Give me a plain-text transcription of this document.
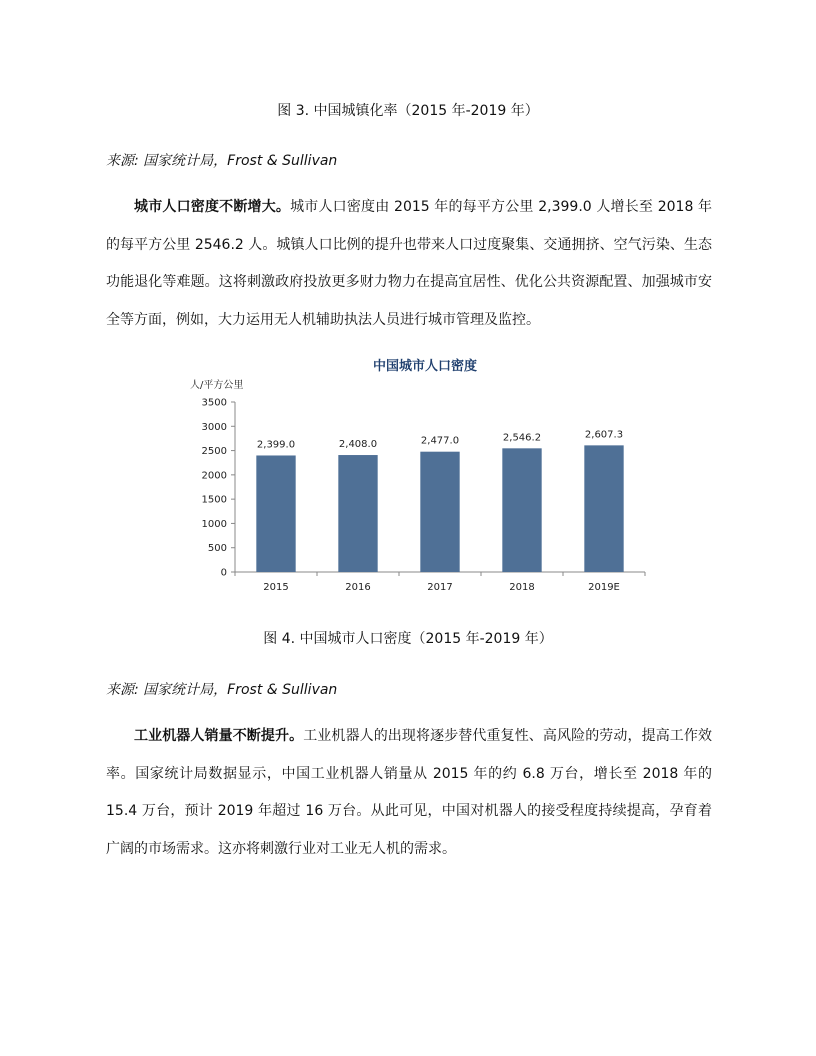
图 3. 中国城镇化率（2015 年-2019 年）
来源: 国家统计局，Frost & Sullivan

城市人口密度不断增大。城市人口密度由 2015 年的每平方公里 2,399.0 人增长至 2018 年的每平方公里 2546.2 人。城镇人口比例的提升也带来人口过度聚集、交通拥挤、空气污染、生态功能退化等难题。这将刺激政府投放更多财力物力在提高宜居性、优化公共资源配置、加强城市安全等方面，例如，大力运用无人机辅助执法人员进行城市管理及监控。

中国城市人口密度
人/平方公里
0
500
1000
1500
2000
2500
3000
3500
2,399.0
2015
2,408.0
2016
2,477.0
2017
2,546.2
2018
2,607.3
2019E
图 4. 中国城市人口密度（2015 年-2019 年）
来源: 国家统计局，Frost & Sullivan

工业机器人销量不断提升。工业机器人的出现将逐步替代重复性、高风险的劳动，提高工作效率。国家统计局数据显示，中国工业机器人销量从 2015 年的约 6.8 万台，增长至 2018 年的 15.4 万台，预计 2019 年超过 16 万台。从此可见，中国对机器人的接受程度持续提高，孕育着广阔的市场需求。这亦将刺激行业对工业无人机的需求。
